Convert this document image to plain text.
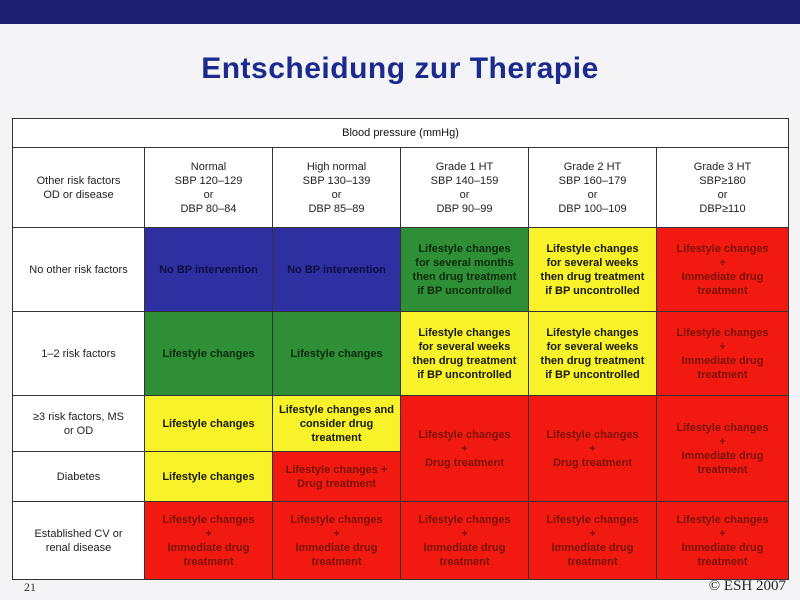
Entscheidung zur Therapie
Blood pressure (mmHg)					

Other risk factors
OD or disease	Normal
SBP 120–129
or
DBP 80–84	High normal
SBP 130–139
or
DBP 85–89	Grade 1 HT
SBP 140–159
or
DBP 90–99	Grade 2 HT
SBP 160–179
or
DBP 100–109	Grade 3 HT
SBP≥180
or
DBP≥110

No other risk factors	No BP intervention	No BP intervention	Lifestyle changes
for several months
then drug treatment
if BP uncontrolled	Lifestyle changes
for several weeks
then drug treatment
if BP uncontrolled	Lifestyle changes
+
Immediate drug
treatment

1–2 risk factors	Lifestyle changes	Lifestyle changes	Lifestyle changes
for several weeks
then drug treatment
if BP uncontrolled	Lifestyle changes
for several weeks
then drug treatment
if BP uncontrolled	Lifestyle changes
+
Immediate drug
treatment

≥3 risk factors, MS
or OD	Lifestyle changes	Lifestyle changes and
consider drug
treatment	Lifestyle changes
+
Drug treatment	Lifestyle changes
+
Drug treatment	Lifestyle changes
+
Immediate drug
treatment

Diabetes	Lifestyle changes	Lifestyle changes +
Drug treatment			

Established CV or
renal disease	Lifestyle changes
+
Immediate drug
treatment	Lifestyle changes
+
Immediate drug
treatment	Lifestyle changes
+
Immediate drug
treatment	Lifestyle changes
+
Immediate drug
treatment	Lifestyle changes
+
Immediate drug
treatment
21	© ESH 2007
